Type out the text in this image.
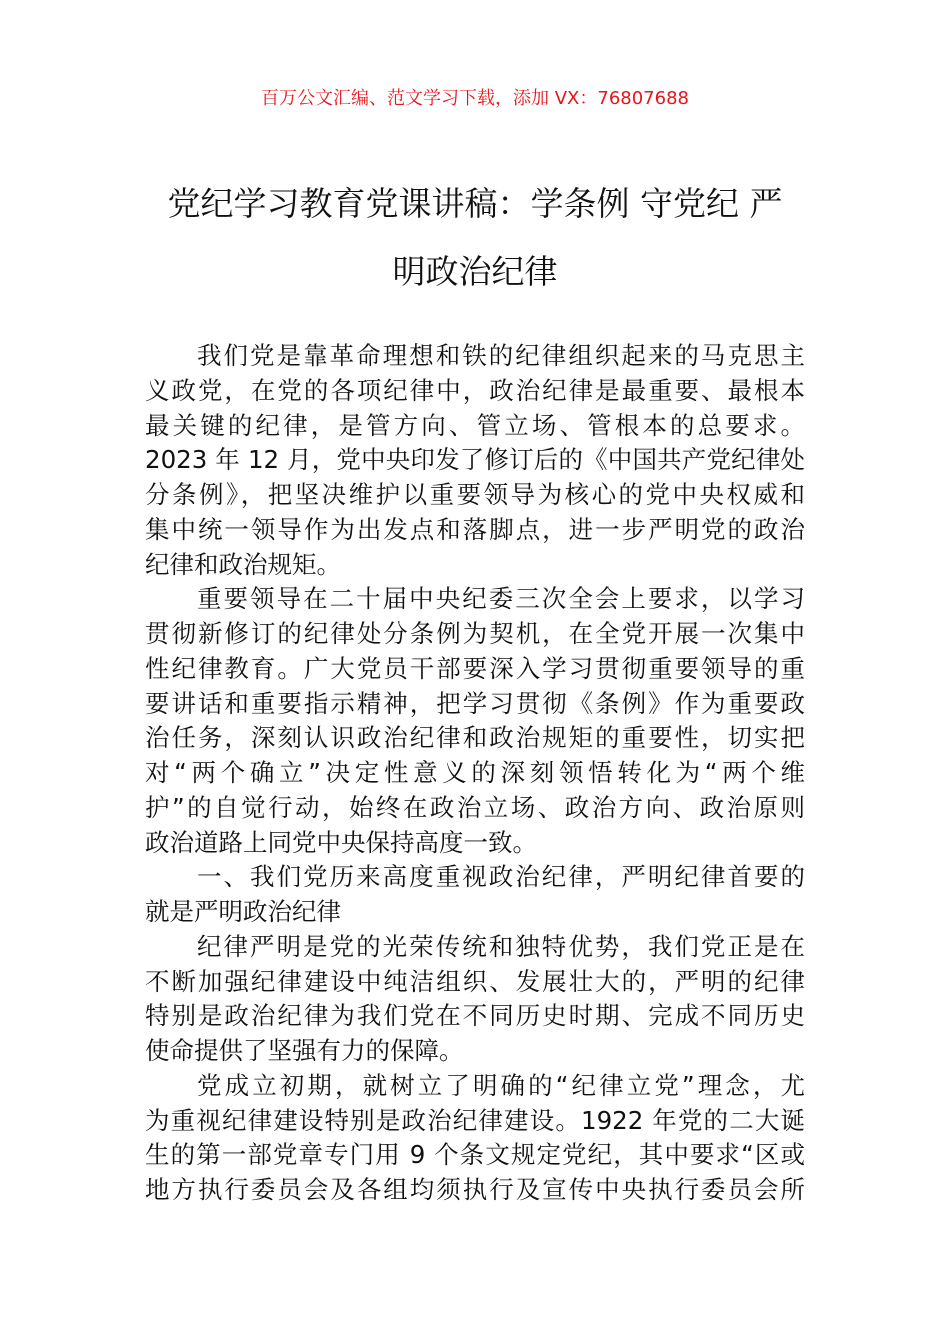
百万公文汇编、范文学习下载，添加 VX：76807688
党纪学习教育党课讲稿：学条例 守党纪 严
明政治纪律
我们党是靠革命理想和铁的纪律组织起来的马克思主
义政党，在党的各项纪律中，政治纪律是最重要、最根本
最关键的纪律，是管方向、管立场、管根本的总要求。
2023 年 12 月，党中央印发了修订后的《中国共产党纪律处
分条例》，把坚决维护以重要领导为核心的党中央权威和
集中统一领导作为出发点和落脚点，进一步严明党的政治
纪律和政治规矩。
重要领导在二十届中央纪委三次全会上要求，以学习
贯彻新修订的纪律处分条例为契机，在全党开展一次集中
性纪律教育。广大党员干部要深入学习贯彻重要领导的重
要讲话和重要指示精神，把学习贯彻《条例》作为重要政
治任务，深刻认识政治纪律和政治规矩的重要性，切实把
对“两个确立”决定性意义的深刻领悟转化为“两个维
护”的自觉行动，始终在政治立场、政治方向、政治原则
政治道路上同党中央保持高度一致。
一、我们党历来高度重视政治纪律，严明纪律首要的
就是严明政治纪律
纪律严明是党的光荣传统和独特优势，我们党正是在
不断加强纪律建设中纯洁组织、发展壮大的，严明的纪律
特别是政治纪律为我们党在不同历史时期、完成不同历史
使命提供了坚强有力的保障。
党成立初期，就树立了明确的“纪律立党”理念，尤
为重视纪律建设特别是政治纪律建设。1922 年党的二大诞
生的第一部党章专门用 9 个条文规定党纪，其中要求“区或
地方执行委员会及各组均须执行及宣传中央执行委员会所
